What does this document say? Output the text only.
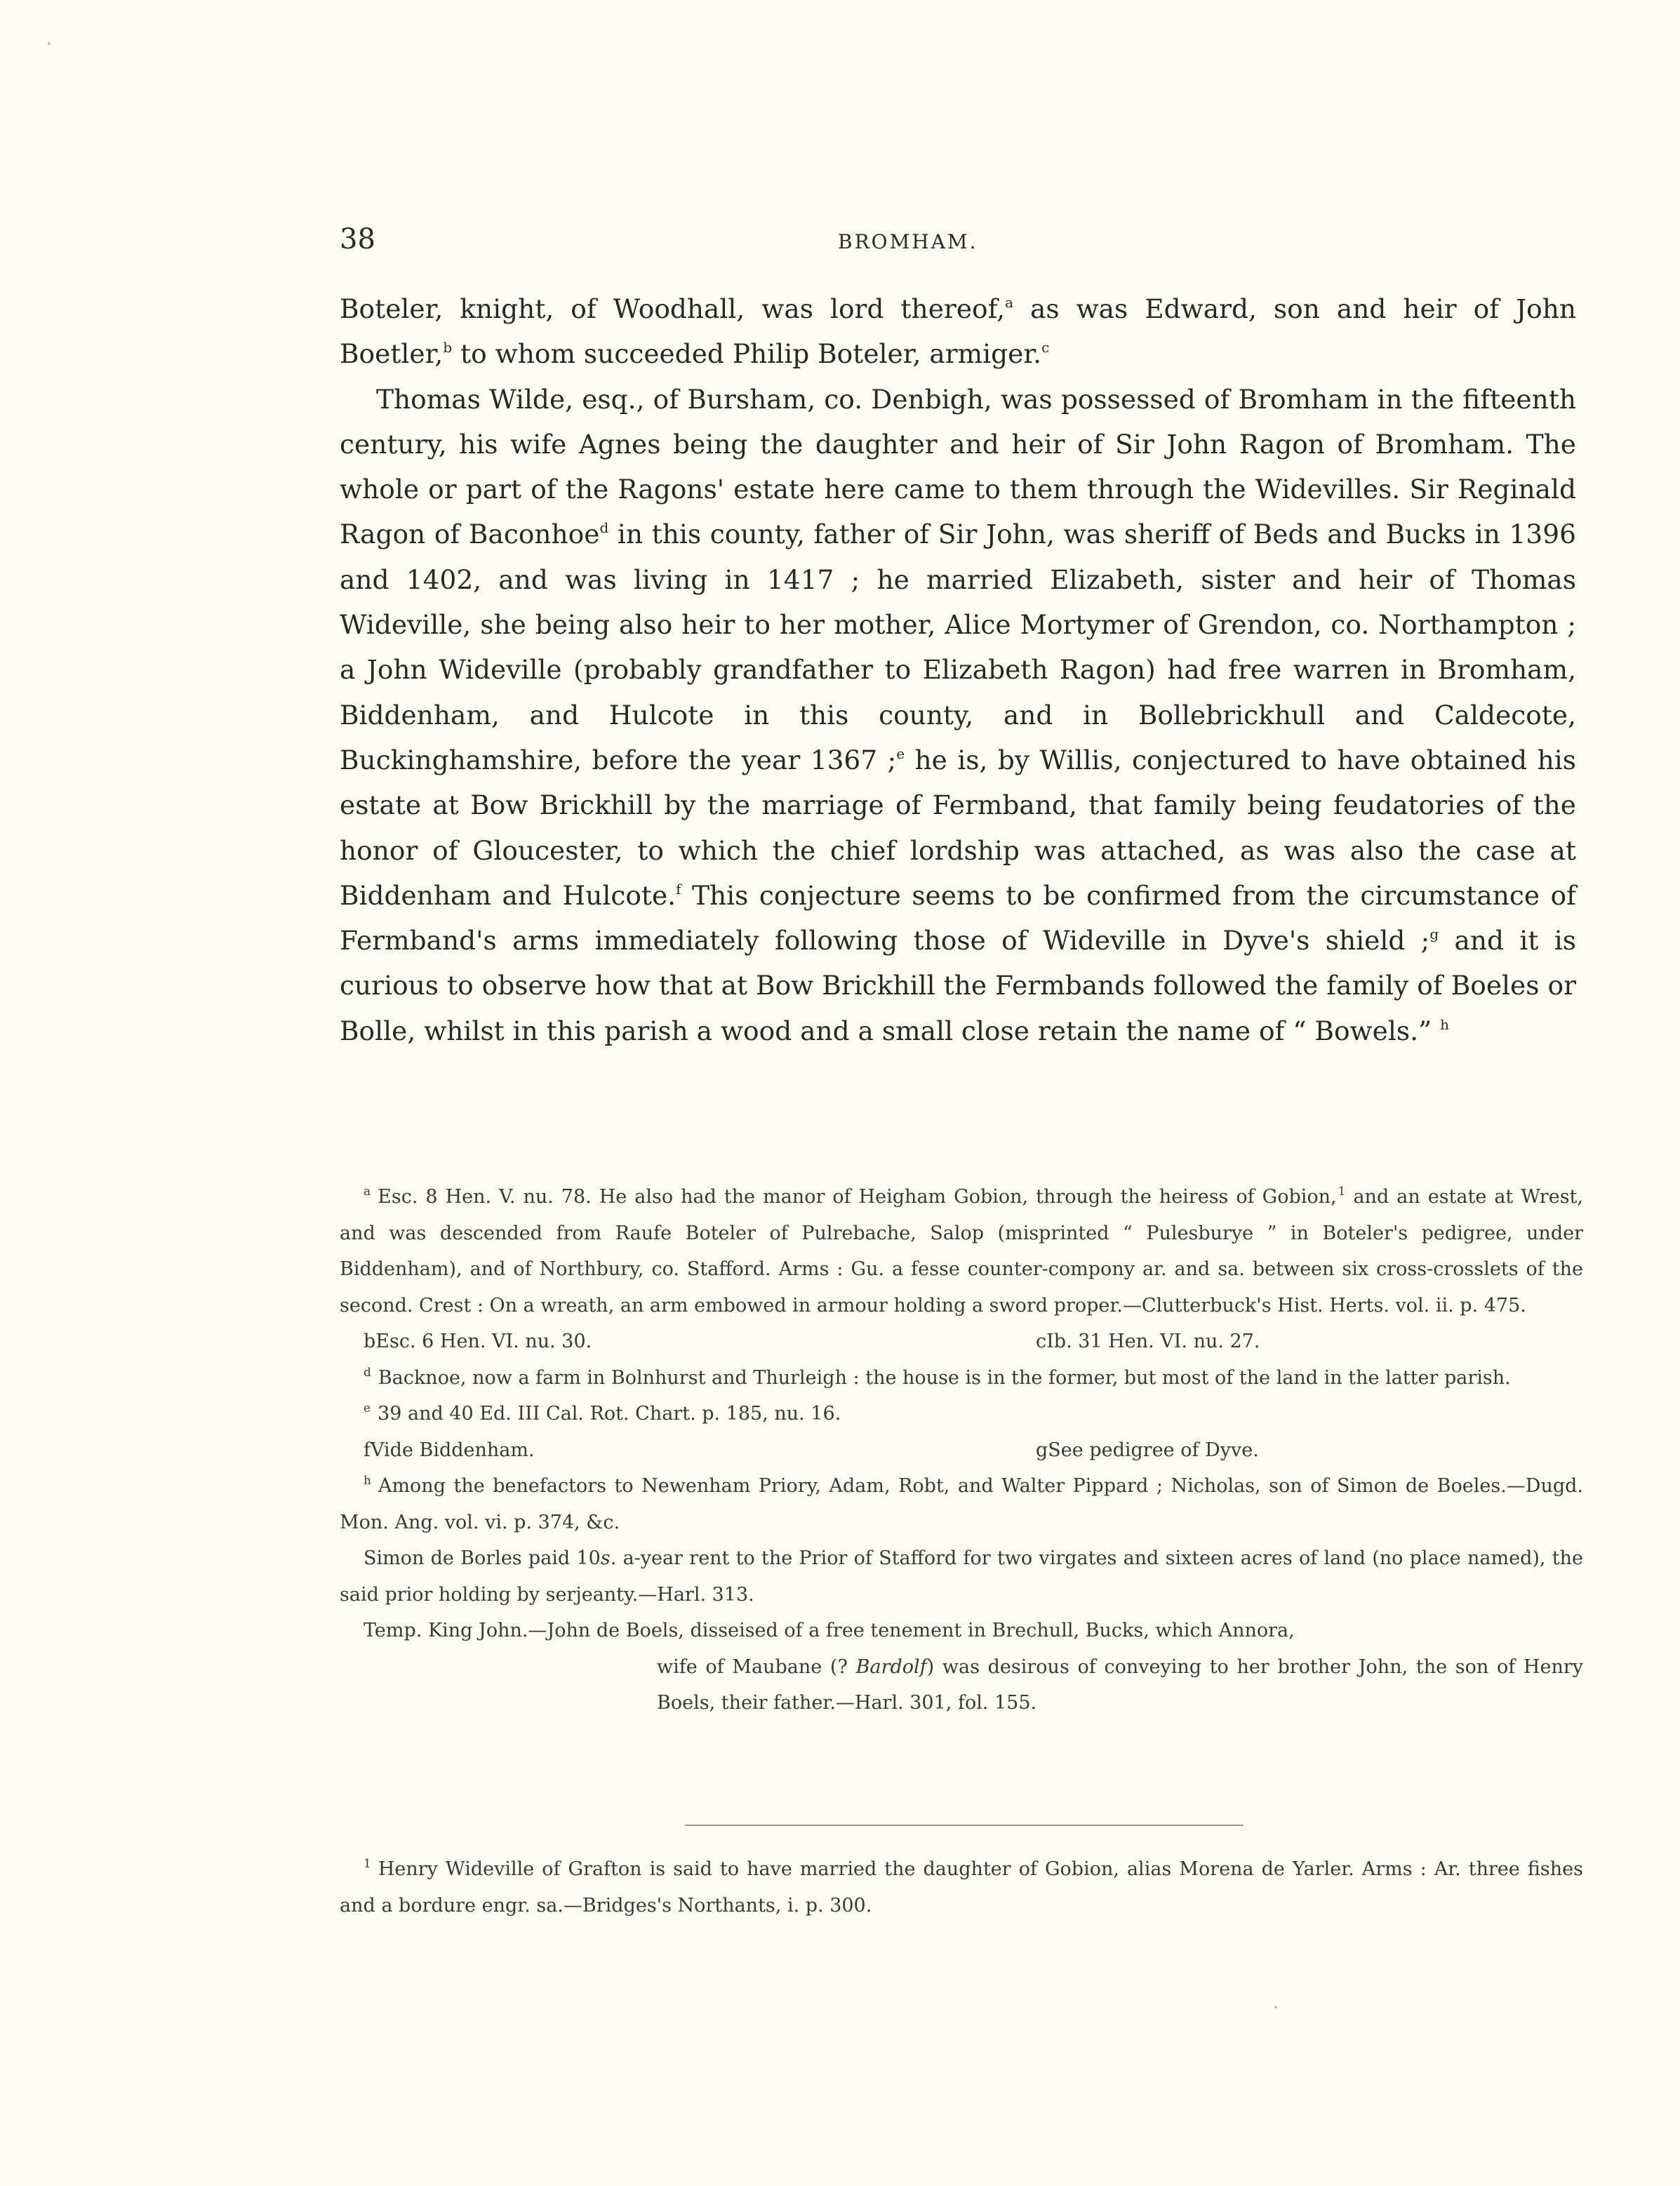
38	BROMHAM.

Boteler, knight, of Woodhall, was lord thereof,$^a$ as was Edward, son and heir of John Boetler,$^b$ to whom succeeded Philip Boteler, armiger.$^c$

Thomas Wilde, esq., of Bursham, co. Denbigh, was possessed of Bromham in the fifteenth century, his wife Agnes being the daughter and heir of Sir John Ragon of Bromham. The whole or part of the Ragons' estate here came to them through the Widevilles. Sir Reginald Ragon of Baconhoe$^d$ in this county, father of Sir John, was sheriff of Beds and Bucks in 1396 and 1402, and was living in 1417 ; he married Elizabeth, sister and heir of Thomas Wideville, she being also heir to her mother, Alice Mortymer of Grendon, co. Northampton ; a John Wideville (probably grandfather to Elizabeth Ragon) had free warren in Bromham, Biddenham, and Hulcote in this county, and in Bollebrickhull and Caldecote, Buckinghamshire, before the year 1367 ;$^e$ he is, by Willis, conjectured to have obtained his estate at Bow Brickhill by the marriage of Fermband, that family being feudatories of the honor of Gloucester, to which the chief lordship was attached, as was also the case at Biddenham and Hulcote.$^f$ This conjecture seems to be confirmed from the circumstance of Fermband's arms immediately following those of Wideville in Dyve's shield ;$^g$ and it is curious to observe how that at Bow Brickhill the Fermbands followed the family of Boeles or Bolle, whilst in this parish a wood and a small close retain the name of “ Bowels.” $^h$

$^a$ Esc. 8 Hen. V. nu. 78. He also had the manor of Heigham Gobion, through the heiress of Gobion, $^1$ and an estate at Wrest, and was descended from Raufe Boteler of Pulrebache, Salop (misprinted “ Pulesburye ” in Boteler's pedigree, under Biddenham), and of Northbury, co. Stafford. Arms : Gu. a fesse counter-compony ar. and sa. between six cross-crosslets of the second. Crest : On a wreath, an arm embowed in armour holding a sword proper.—Clutterbuck's Hist. Herts. vol. ii. p. 475.

bEsc. 6 Hen. VI. nu. 30.	cIb. 31 Hen. VI. nu. 27.

$^d$ Backnoe, now a farm in Bolnhurst and Thurleigh : the house is in the former, but most of the land in the latter parish.

$^e$ 39 and 40 Ed. III Cal. Rot. Chart. p. 185, nu. 16.

fVide Biddenham.	gSee pedigree of Dyve.

$^h$ Among the benefactors to Newenham Priory, Adam, Robt, and Walter Pippard ; Nicholas, son of Simon de Boeles.—Dugd. Mon. Ang. vol. vi. p. 374, &c.

Simon de Borles paid 10s. a-year rent to the Prior of Stafford for two virgates and sixteen acres of land (no place named), the said prior holding by serjeanty.—Harl. 313.

Temp. King John.—John de Boels, disseised of a free tenement in Brechull, Bucks, which Annora,
wife of Maubane (? Bardolf) was desirous of conveying to her brother John, the son of Henry Boels, their father.—Harl. 301, fol. 155.

$^1$ Henry Wideville of Grafton is said to have married the daughter of Gobion, alias Morena de Yarler. Arms : Ar. three fishes and a bordure engr. sa.—Bridges's Northants, i. p. 300.
